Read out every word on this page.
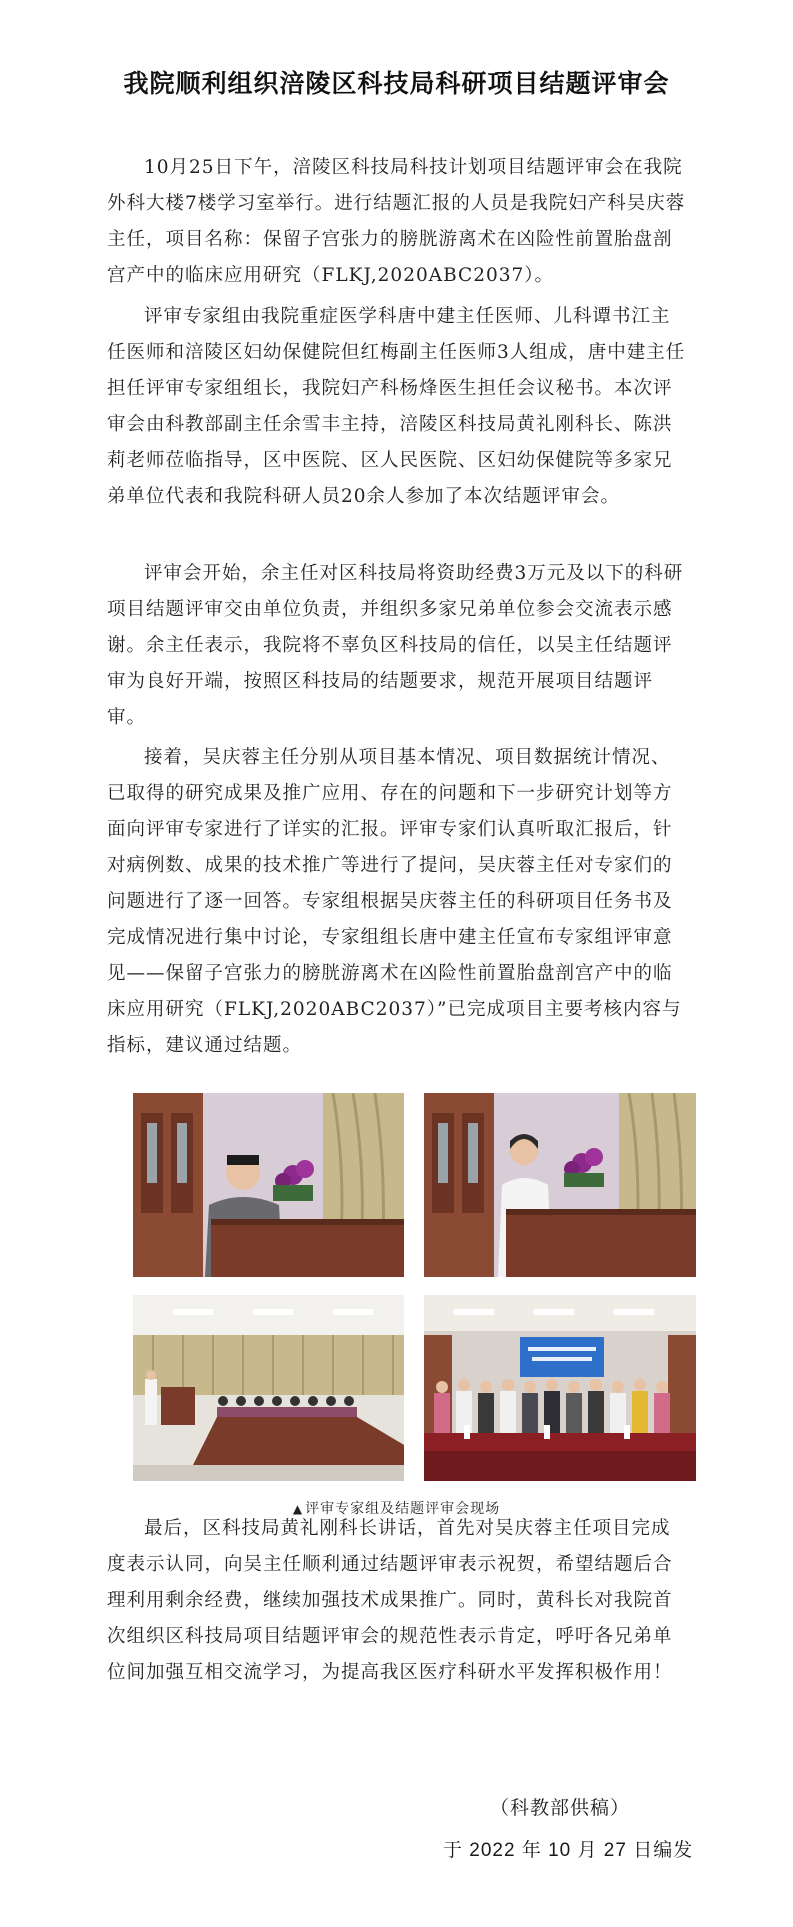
我院顺利组织涪陵区科技局科研项目结题评审会

10月25日下午，涪陵区科技局科技计划项目结题评审会在我院外科大楼7楼学习室举行。进行结题汇报的人员是我院妇产科吴庆蓉主任，项目名称：保留子宫张力的膀胱游离术在凶险性前置胎盘剖宫产中的临床应用研究（FLKJ,2020ABC2037）。

评审专家组由我院重症医学科唐中建主任医师、儿科谭书江主任医师和涪陵区妇幼保健院但红梅副主任医师3人组成，唐中建主任担任评审专家组组长，我院妇产科杨烽医生担任会议秘书。本次评审会由科教部副主任余雪丰主持，涪陵区科技局黄礼刚科长、陈洪莉老师莅临指导，区中医院、区人民医院、区妇幼保健院等多家兄弟单位代表和我院科研人员20余人参加了本次结题评审会。

评审会开始，余主任对区科技局将资助经费3万元及以下的科研项目结题评审交由单位负责，并组织多家兄弟单位参会交流表示感谢。余主任表示，我院将不辜负区科技局的信任，以吴主任结题评审为良好开端，按照区科技局的结题要求，规范开展项目结题评审。

接着，吴庆蓉主任分别从项目基本情况、项目数据统计情况、已取得的研究成果及推广应用、存在的问题和下一步研究计划等方面向评审专家进行了详实的汇报。评审专家们认真听取汇报后，针对病例数、成果的技术推广等进行了提问，吴庆蓉主任对专家们的问题进行了逐一回答。专家组根据吴庆蓉主任的科研项目任务书及完成情况进行集中讨论，专家组组长唐中建主任宣布专家组评审意见——保留子宫张力的膀胱游离术在凶险性前置胎盘剖宫产中的临床应用研究（FLKJ,2020ABC2037）”已完成项目主要考核内容与指标，建议通过结题。

▲ 评审专家组及结题评审会现场

最后，区科技局黄礼刚科长讲话，首先对吴庆蓉主任项目完成度表示认同，向吴主任顺利通过结题评审表示祝贺，希望结题后合理利用剩余经费，继续加强技术成果推广。同时，黄科长对我院首次组织区科技局项目结题评审会的规范性表示肯定，呼吁各兄弟单位间加强互相交流学习，为提高我区医疗科研水平发挥积极作用！

（科教部供稿）
于 2022 年 10 月 27 日编发
